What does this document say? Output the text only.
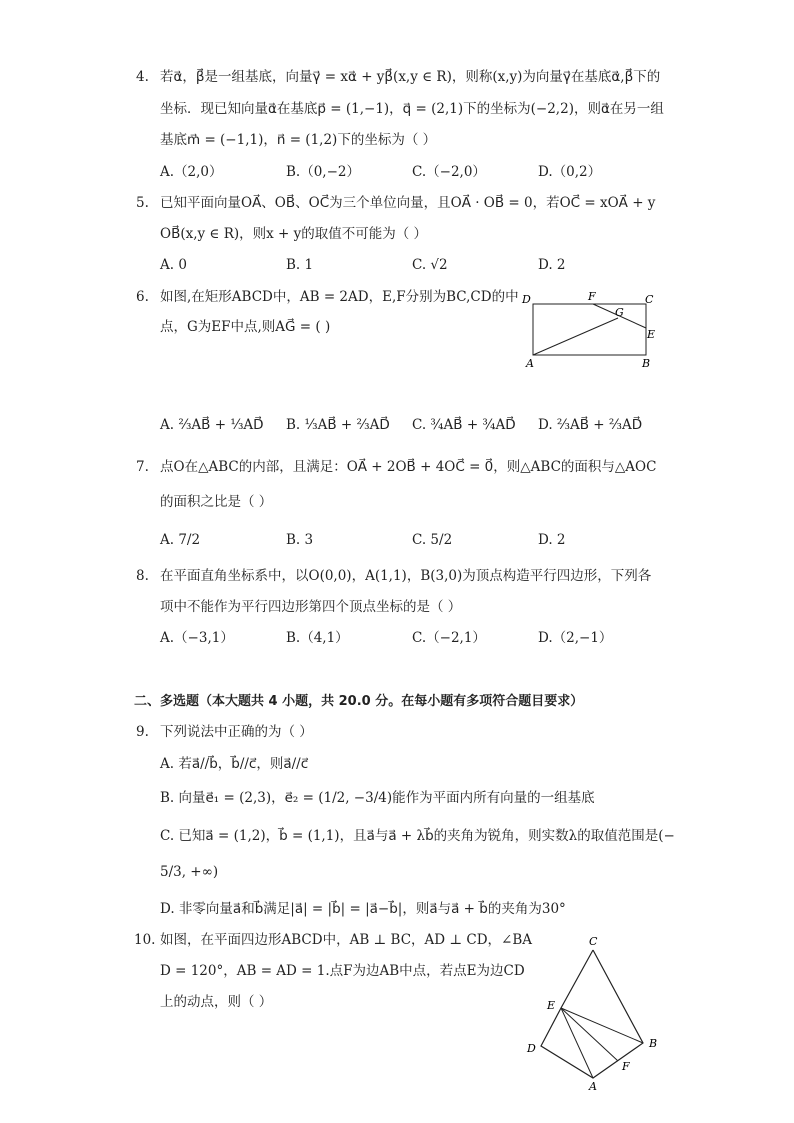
4. 若α⃗，β⃗是一组基底，向量γ⃗ = xα⃗ + yβ⃗(x,y ∈ R)，则称(x,y)为向量γ⃗在基底α⃗,β⃗下的
坐标．现已知向量α⃗在基底p⃗ = (1,−1)，q⃗ = (2,1)下的坐标为(−2,2)，则α⃗在另一组
基底m⃗ = (−1,1)，n⃗ = (1,2)下的坐标为（ ）
A.（2,0）	B.（0,−2）	C.（−2,0）	D.（0,2）
5. 已知平面向量OA⃗、OB⃗、OC⃗为三个单位向量，且OA⃗ · OB⃗ = 0，若OC⃗ = xOA⃗ + y
OB⃗(x,y ∈ R)，则x + y的取值不可能为（ ）
A. 0	B. 1	C. √2	D. 2
6. 如图,在矩形ABCD中，AB = 2AD，E,F分别为BC,CD的中
点，G为EF中点,则AG⃗ = ( )
D	F	C
G
E
A	B
A. ⅔AB⃗ + ⅓AD⃗ B. ⅓AB⃗ + ⅔AD⃗ C. ¾AB⃗ + ¾AD⃗ D. ⅔AB⃗ + ⅔AD⃗
7. 点O在△ABC的内部，且满足：OA⃗ + 2OB⃗ + 4OC⃗ = 0⃗，则△ABC的面积与△AOC
的面积之比是（ ）
A. 7/2	B. 3	C. 5/2	D. 2
8. 在平面直角坐标系中，以O(0,0)，A(1,1)，B(3,0)为顶点构造平行四边形，下列各
项中不能作为平行四边形第四个顶点坐标的是（ ）
A.（−3,1）	B.（4,1）	C.（−2,1）	D.（2,−1）
二、多选题（本大题共 4 小题，共 20.0 分。在每小题有多项符合题目要求）
9. 下列说法中正确的为（ ）
A. 若a⃗//b⃗，b⃗//c⃗，则a⃗//c⃗
B. 向量e⃗₁ = (2,3)，e⃗₂ = (1/2, −3/4)能作为平面内所有向量的一组基底
C. 已知a⃗ = (1,2)，b⃗ = (1,1)，且a⃗与a⃗ + λb⃗的夹角为锐角，则实数λ的取值范围是(−
5/3, +∞)
D. 非零向量a⃗和b⃗满足|a⃗| = |b⃗| = |a⃗−b⃗|，则a⃗与a⃗ + b⃗的夹角为30°
10. 如图，在平面四边形ABCD中，AB ⊥ BC，AD ⊥ CD，∠BA
D = 120°，AB = AD = 1.点F为边AB中点，若点E为边CD
上的动点，则（ ）
C
E
D	B
F
A
